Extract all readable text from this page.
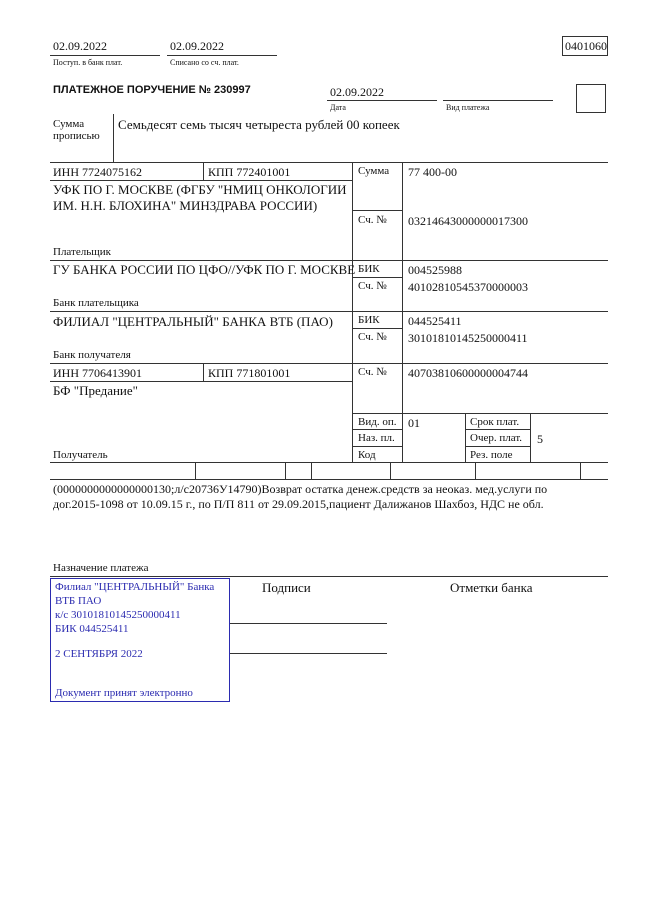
02.09.2022
Поступ. в банк плат.
02.09.2022
Списано со сч. плат.
0401060
ПЛАТЕЖНОЕ ПОРУЧЕНИЕ № 230997	02.09.2022
Дата	Вид платежа
Сумма
прописью
Семьдесят семь тысяч четыреста рублей 00 копеек
ИНН 7724075162	КПП 772401001
УФК ПО Г. МОСКВЕ (ФГБУ "НМИЦ ОНКОЛОГИИ
ИМ. Н.Н. БЛОХИНА" МИНЗДРАВА РОССИИ)
Плательщик
Сумма 77 400-00
Сч. № 03214643000000017300
ГУ БАНКА РОССИИ ПО ЦФО//УФК ПО Г. МОСКВЕ
Банк плательщика
БИК 004525988
Сч. № 40102810545370000003
ФИЛИАЛ "ЦЕНТРАЛЬНЫЙ" БАНКА ВТБ (ПАО)
Банк получателя
БИК 044525411
Сч. № 30101810145250000411
ИНН 7706413901	КПП 771801001
БФ "Предание"
Получатель
Сч. № 40703810600000004744
Вид. оп. 01	Срок плат.
Наз. пл.	Очер. плат. 5
Код	Рез. поле
(0000000000000000130;л/с20736У14790)Возврат остатка денеж.средств за неоказ. мед.услуги по
дог.2015-1098 от 10.09.15 г., по П/П 811 от 29.09.2015,пациент Далижанов Шахбоз, НДС не обл.
Назначение платежа
Подписи	Отметки банка
Филиал "ЦЕНТРАЛЬНЫЙ" Банка
ВТБ ПАО
к/с 30101810145250000411
БИК 044525411
2 СЕНТЯБРЯ 2022
Документ принят электронно
